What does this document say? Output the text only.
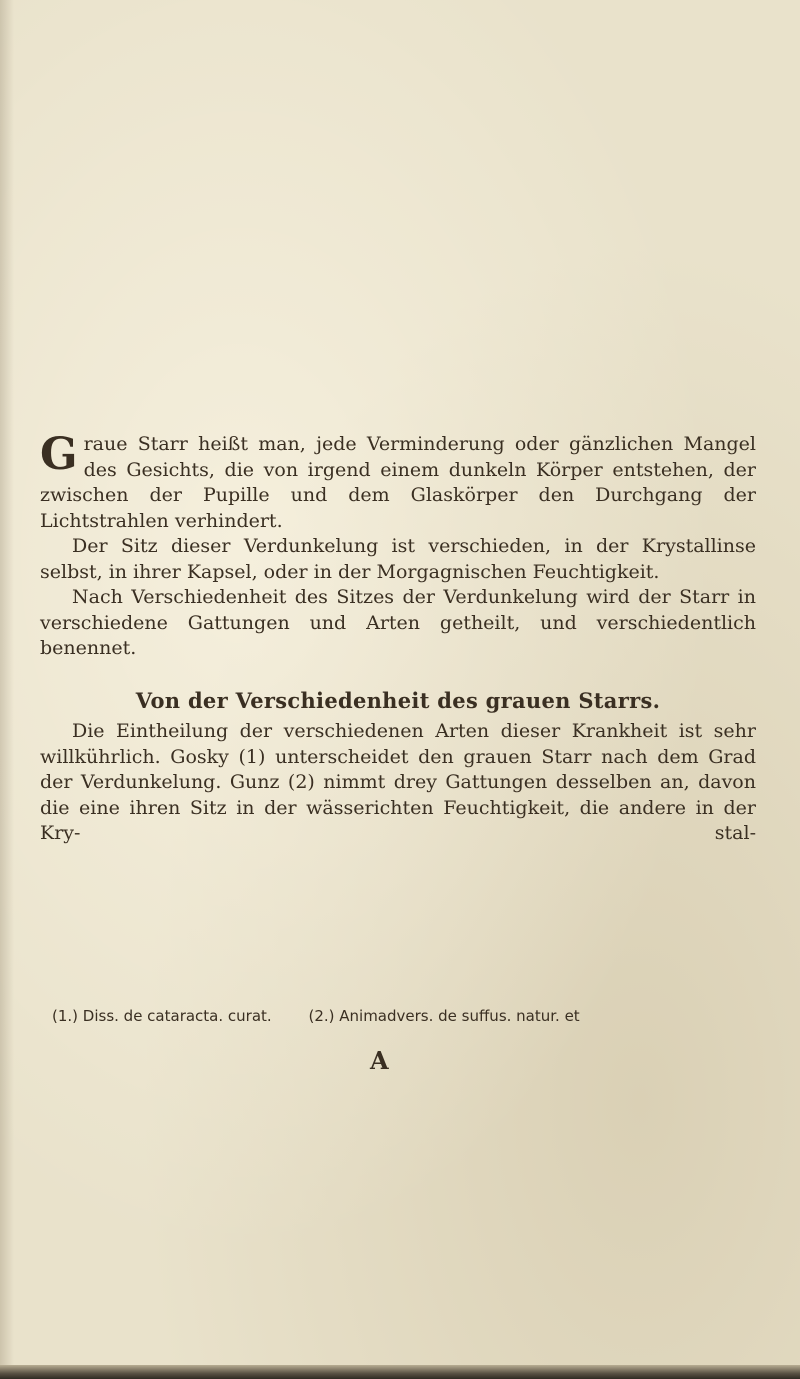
Graue Starr heißt man, jede Verminderung oder gänzlichen Mangel des Gesichts, die von irgend einem dunkeln Körper entstehen, der zwischen der Pupille und dem Glaskörper den Durchgang der Lichtstrahlen verhindert.

Der Sitz dieser Verdunkelung ist verschieden, in der Krystallinse selbst, in ihrer Kapsel, oder in der Morgagnischen Feuchtigkeit.

Nach Verschiedenheit des Sitzes der Verdunkelung wird der Starr in verschiedene Gattungen und Arten getheilt, und verschiedentlich benennet.

Von der Verschiedenheit des grauen Starrs.

Die Eintheilung der verschiedenen Arten dieser Krankheit ist sehr willkührlich. Gosky (1) unterscheidet den grauen Starr nach dem Grad der Verdunkelung. Gunz (2) nimmt drey Gattungen desselben an, davon die eine ihren Sitz in der wässerichten Feuchtigkeit, die andere in der Kry-	stal-

(1.) Diss. de cataracta. curat. (2.) Animadvers. de suffus. natur. et
A
